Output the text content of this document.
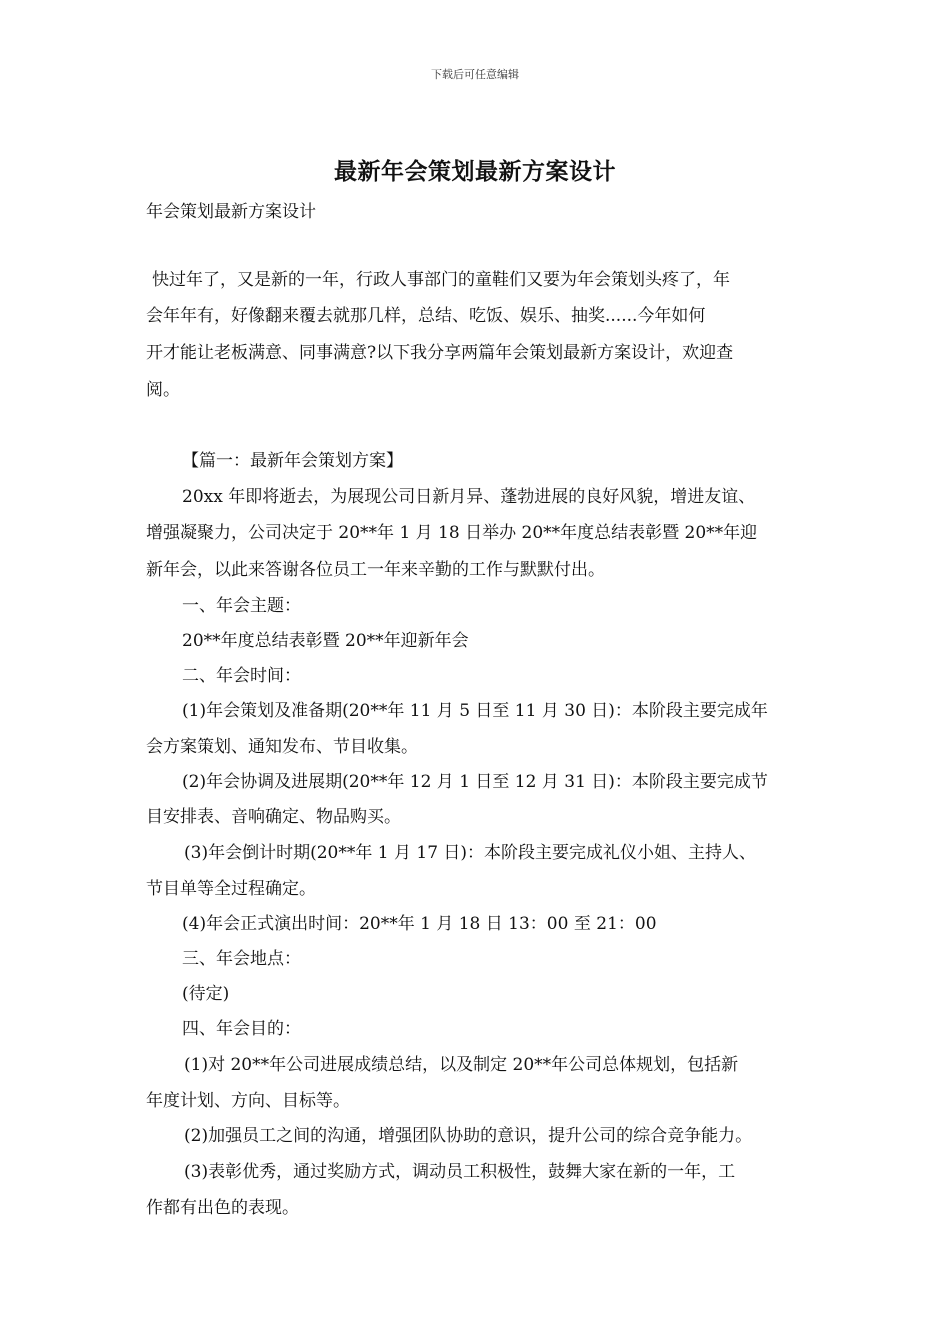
下载后可任意编辑
最新年会策划最新方案设计
年会策划最新方案设计
快过年了，又是新的一年，行政人事部门的童鞋们又要为年会策划头疼了，年
会年年有，好像翻来覆去就那几样，总结、吃饭、娱乐、抽奖......今年如何
开才能让老板满意、同事满意?以下我分享两篇年会策划最新方案设计，欢迎查
阅。
【篇一：最新年会策划方案】
20xx 年即将逝去，为展现公司日新月异、蓬勃进展的良好风貌，增进友谊、
增强凝聚力，公司决定于 20**年 1 月 18 日举办 20**年度总结表彰暨 20**年迎
新年会，以此来答谢各位员工一年来辛勤的工作与默默付出。
一、年会主题：
20**年度总结表彰暨 20**年迎新年会
二、年会时间：
(1)年会策划及准备期(20**年 11 月 5 日至 11 月 30 日)：本阶段主要完成年
会方案策划、通知发布、节目收集。
(2)年会协调及进展期(20**年 12 月 1 日至 12 月 31 日)：本阶段主要完成节
目安排表、音响确定、物品购买。
(3)年会倒计时期(20**年 1 月 17 日)：本阶段主要完成礼仪小姐、主持人、
节目单等全过程确定。
(4)年会正式演出时间：20**年 1 月 18 日 13：00 至 21：00
三、年会地点：
(待定)
四、年会目的：
(1)对 20**年公司进展成绩总结，以及制定 20**年公司总体规划，包括新
年度计划、方向、目标等。
(2)加强员工之间的沟通，增强团队协助的意识，提升公司的综合竞争能力。
(3)表彰优秀，通过奖励方式，调动员工积极性，鼓舞大家在新的一年，工
作都有出色的表现。
